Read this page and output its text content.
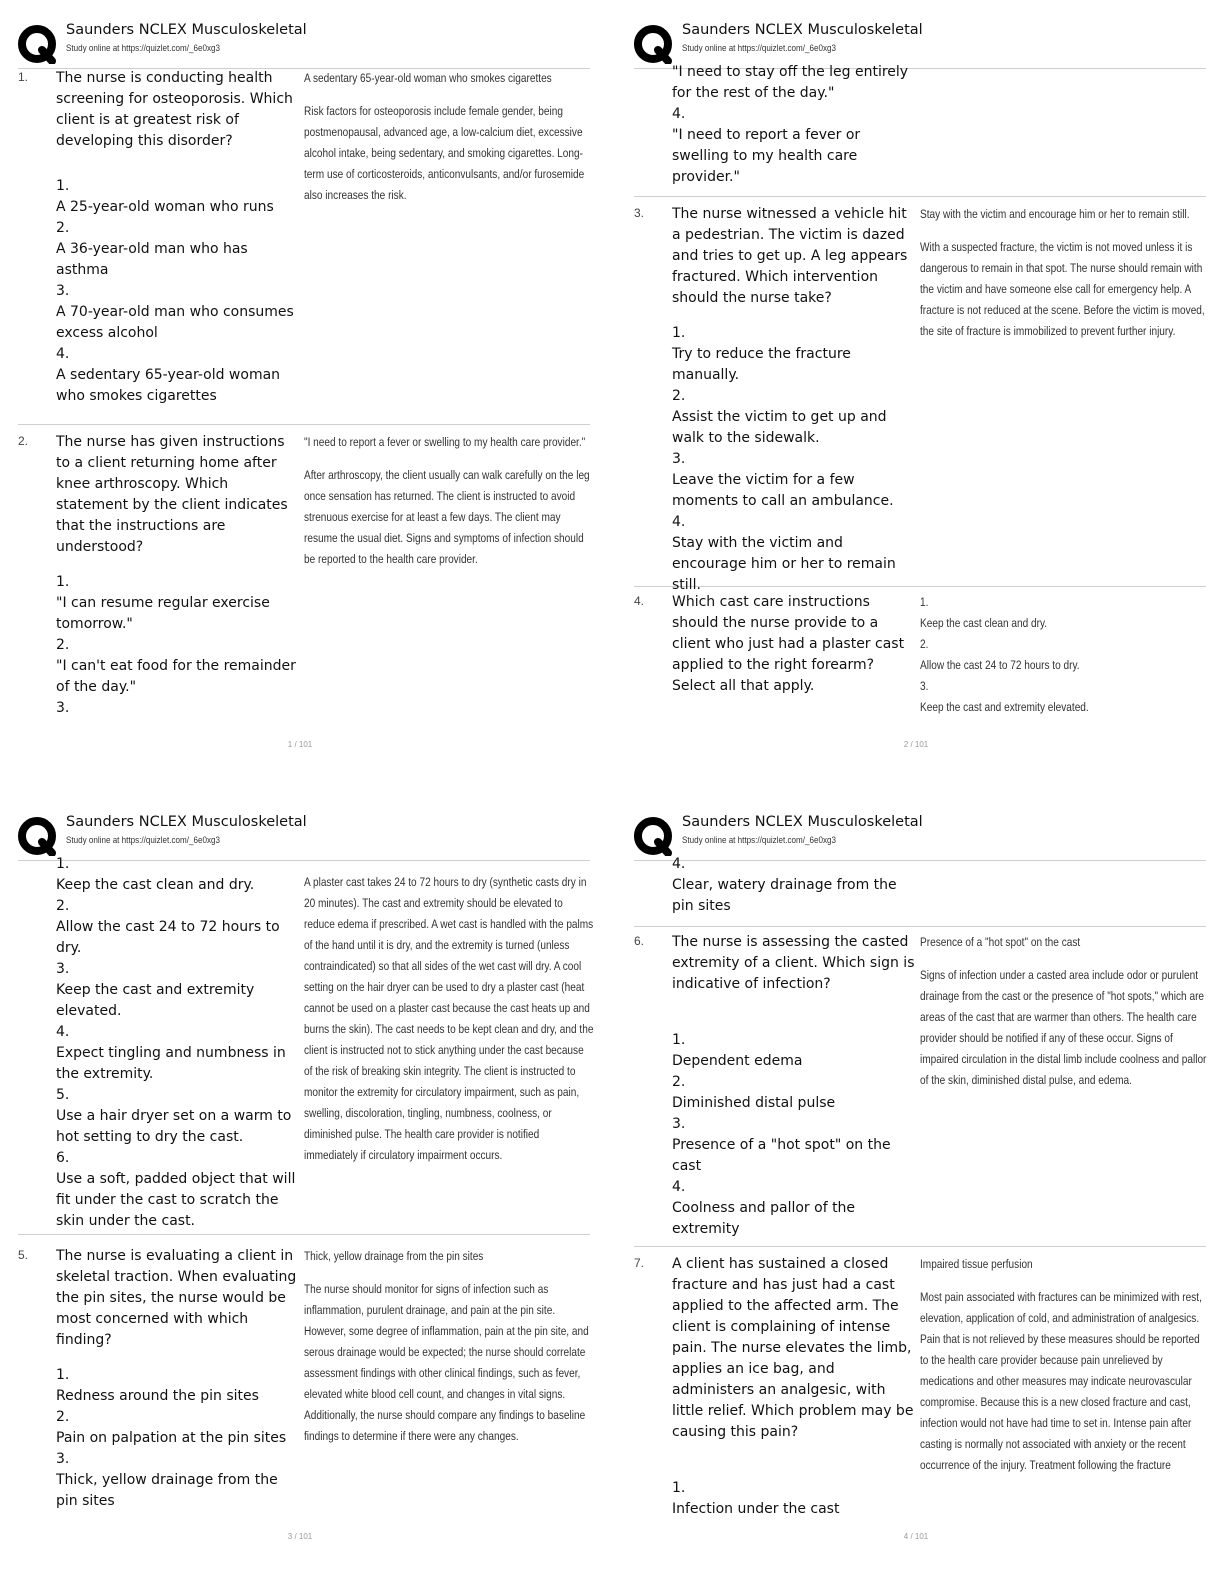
Saunders NCLEX Musculoskeletal
Study online at https://quizlet.com/_6e0xg3
1.	The nurse is conducting health screening for osteoporosis. Which client is at greatest risk of developing this disorder?

1.
A 25-year-old woman who runs
2.
A 36-year-old man who has asthma
3.
A 70-year-old man who consumes excess alcohol
4.
A sedentary 65-year-old woman who smokes cigarettes

A sedentary 65-year-old woman who smokes cigarettes

Risk factors for osteoporosis include female gender, being postmenopausal, advanced age, a low-calcium diet, excessive alcohol intake, being sedentary, and smoking cigarettes. Long-term use of corticosteroids, anticonvulsants, and/or furosemide also increases the risk.

2.	The nurse has given instructions to a client returning home after knee arthroscopy. Which statement by the client indicates that the instructions are understood?

1.
"I can resume regular exercise tomorrow."
2.
"I can't eat food for the remainder of the day."
3.

"I need to report a fever or swelling to my health care provider."

After arthroscopy, the client usually can walk carefully on the leg once sensation has returned. The client is instructed to avoid strenuous exercise for at least a few days. The client may resume the usual diet. Signs and symptoms of infection should be reported to the health care provider.

1 / 101
Saunders NCLEX Musculoskeletal
Study online at https://quizlet.com/_6e0xg3
"I need to stay off the leg entirely for the rest of the day."
4.
"I need to report a fever or swelling to my health care provider."
3.	The nurse witnessed a vehicle hit a pedestrian. The victim is dazed and tries to get up. A leg appears fractured. Which intervention should the nurse take?

1.
Try to reduce the fracture manually.
2.
Assist the victim to get up and walk to the sidewalk.
3.
Leave the victim for a few moments to call an ambulance.
4.
Stay with the victim and encourage him or her to remain still.

Stay with the victim and encourage him or her to remain still.

With a suspected fracture, the victim is not moved unless it is dangerous to remain in that spot. The nurse should remain with the victim and have someone else call for emergency help. A fracture is not reduced at the scene. Before the victim is moved, the site of fracture is immobilized to prevent further injury.

4.	Which cast care instructions should the nurse provide to a client who just had a plaster cast applied to the right forearm? Select all that apply.

1.
Keep the cast clean and dry.
2.
Allow the cast 24 to 72 hours to dry.
3.
Keep the cast and extremity elevated.
2 / 101
Saunders NCLEX Musculoskeletal
Study online at https://quizlet.com/_6e0xg3
1.
Keep the cast clean and dry.
2.
Allow the cast 24 to 72 hours to dry.
3.
Keep the cast and extremity elevated.
4.
Expect tingling and numbness in the extremity.
5.
Use a hair dryer set on a warm to hot setting to dry the cast.
6.
Use a soft, padded object that will fit under the cast to scratch the skin under the cast.

A plaster cast takes 24 to 72 hours to dry (synthetic casts dry in 20 minutes). The cast and extremity should be elevated to reduce edema if prescribed. A wet cast is handled with the palms of the hand until it is dry, and the extremity is turned (unless contraindicated) so that all sides of the wet cast will dry. A cool setting on the hair dryer can be used to dry a plaster cast (heat cannot be used on a plaster cast because the cast heats up and burns the skin). The cast needs to be kept clean and dry, and the client is instructed not to stick anything under the cast because of the risk of breaking skin integrity. The client is instructed to monitor the extremity for circulatory impairment, such as pain, swelling, discoloration, tingling, numbness, coolness, or diminished pulse. The health care provider is notified immediately if circulatory impairment occurs.

5.	The nurse is evaluating a client in skeletal traction. When evaluating the pin sites, the nurse would be most concerned with which finding?

1.
Redness around the pin sites
2.
Pain on palpation at the pin sites
3.
Thick, yellow drainage from the pin sites

Thick, yellow drainage from the pin sites

The nurse should monitor for signs of infection such as inflammation, purulent drainage, and pain at the pin site. However, some degree of inflammation, pain at the pin site, and serous drainage would be expected; the nurse should correlate assessment findings with other clinical findings, such as fever, elevated white blood cell count, and changes in vital signs. Additionally, the nurse should compare any findings to baseline findings to determine if there were any changes.

3 / 101
Saunders NCLEX Musculoskeletal
Study online at https://quizlet.com/_6e0xg3
4.
Clear, watery drainage from the pin sites
6.	The nurse is assessing the casted extremity of a client. Which sign is indicative of infection?

1.
Dependent edema
2.
Diminished distal pulse
3.
Presence of a "hot spot" on the cast
4.
Coolness and pallor of the extremity

Presence of a "hot spot" on the cast

Signs of infection under a casted area include odor or purulent drainage from the cast or the presence of "hot spots," which are areas of the cast that are warmer than others. The health care provider should be notified if any of these occur. Signs of impaired circulation in the distal limb include coolness and pallor of the skin, diminished distal pulse, and edema.

7.	A client has sustained a closed fracture and has just had a cast applied to the affected arm. The client is complaining of intense pain. The nurse elevates the limb, applies an ice bag, and administers an analgesic, with little relief. Which problem may be causing this pain?

1.
Infection under the cast

Impaired tissue perfusion

Most pain associated with fractures can be minimized with rest, elevation, application of cold, and administration of analgesics. Pain that is not relieved by these measures should be reported to the health care provider because pain unrelieved by medications and other measures may indicate neurovascular compromise. Because this is a new closed fracture and cast, infection would not have had time to set in. Intense pain after casting is normally not associated with anxiety or the recent occurrence of the injury. Treatment following the fracture

4 / 101
